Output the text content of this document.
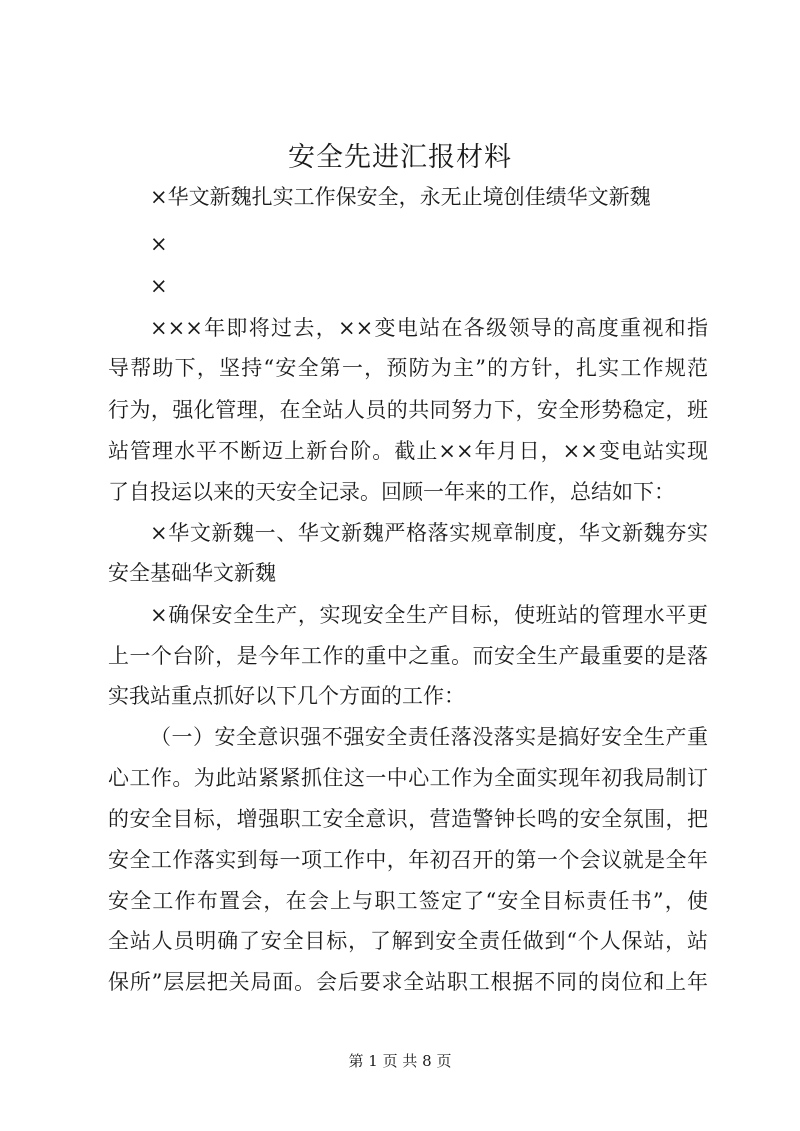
安全先进汇报材料
×华文新魏扎实工作保安全，永无止境创佳绩华文新魏
×
×
×××年即将过去，××变电站在各级领导的高度重视和指
导帮助下，坚持“安全第一，预防为主”的方针，扎实工作规范
行为，强化管理，在全站人员的共同努力下，安全形势稳定，班
站管理水平不断迈上新台阶。截止××年月日，××变电站实现
了自投运以来的天安全记录。回顾一年来的工作，总结如下：
×华文新魏一、华文新魏严格落实规章制度，华文新魏夯实
安全基础华文新魏
×确保安全生产，实现安全生产目标，使班站的管理水平更
上一个台阶，是今年工作的重中之重。而安全生产最重要的是落
实我站重点抓好以下几个方面的工作：
（一）安全意识强不强安全责任落没落实是搞好安全生产重
心工作。为此站紧紧抓住这一中心工作为全面实现年初我局制订
的安全目标，增强职工安全意识，营造警钟长鸣的安全氛围，把
安全工作落实到每一项工作中，年初召开的第一个会议就是全年
安全工作布置会，在会上与职工签定了“安全目标责任书”，使
全站人员明确了安全目标，了解到安全责任做到“个人保站，站
保所”层层把关局面。会后要求全站职工根据不同的岗位和上年
第 1 页 共 8 页
